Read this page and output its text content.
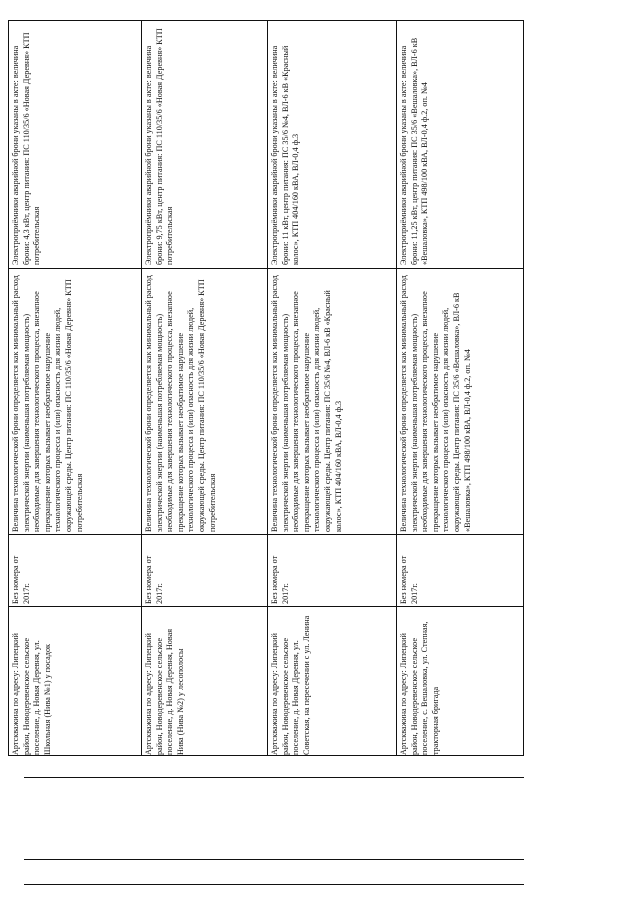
Электроприёмники аварийной брони указаны в акте: величина брони: 4,3 кВт, центр питания: ПС 110/35/6 «Новая Деревня» КТП потребительская
Величина технологической брони определяется как минимальный расход электрической энергии (наименьшая потребляемая мощность) необходимые для завершения технологического процесса, внезапное прекращение которых вызывает необратимое нарушение технологического процесса и (или) опасность для жизни людей, окружающей среды. Центр питания: ПС 110/35/6 «Новая Деревня» КТП потребительская
Без номера от 2017г.
Артскважина по адресу: Липецкий район, Новодеревенское сельское поселение, д. Новая Деревня, ул. Школьная (Нива №1) у посадок
Электроприёмники аварийной брони указаны в акте: величина брони: 9,75 кВт, центр питания: ПС 110/35/6 «Новая Деревня» КТП потребительская
Величина технологической брони определяется как минимальный расход электрической энергии (наименьшая потребляемая мощность) необходимые для завершения технологического процесса, внезапное прекращение которых вызывает необратимое нарушение технологического процесса и (или) опасность для жизни людей, окружающей среды. Центр питания: ПС 110/35/6 «Новая Деревня» КТП потребительская
Без номера от 2017г.
Артскважина по адресу: Липецкий район, Новодеревенское сельское поселение, д. Новая Деревня, Новая Нива (Нива №2) у лесополосы
Электроприёмники аварийной брони указаны в акте: величина брони: 11 кВт, центр питания: ПС 35/6 №4, ВЛ-6 кВ «Красный колос», КТП 404/160 кВА, ВЛ-0,4 ф.3
Величина технологической брони определяется как минимальный расход электрической энергии (наименьшая потребляемая мощность) необходимые для завершения технологического процесса, внезапное прекращение которых вызывает необратимое нарушение технологического процесса и (или) опасность для жизни людей, окружающей среды. Центр питания: ПС 35/6 №4, ВЛ-6 кВ «Красный колос», КТП 404/160 кВА, ВЛ-0,4 ф.3
Без номера от 2017г.
Артскважина по адресу: Липецкий район, Новодеревенское сельское поселение, д. Новая Деревня, ул. Советская, на пересечении с ул. Ленина
Электроприёмники аварийной брони указаны в акте: величина брони: 11,25 кВт, центр питания: ПС 35/6 «Вешаловка», ВЛ-6 кВ «Вешаловка», КТП 498/100 кВА, ВЛ-0,4 ф.2, оп. №4
Величина технологической брони определяется как минимальный расход электрической энергии (наименьшая потребляемая мощность) необходимые для завершения технологического процесса, внезапное прекращение которых вызывает необратимое нарушение технологического процесса и (или) опасность для жизни людей, окружающей среды. Центр питания: ПС 35/6 «Вешаловка», ВЛ-6 кВ «Вешаловка», КТП 498/100 кВА, ВЛ-0,4 ф.2, оп. №4
Без номера от 2017г.
Артскважина по адресу: Липецкий район, Новодеревенское сельское поселение, с. Вешаловка, ул. Степная, тракторная бригада
